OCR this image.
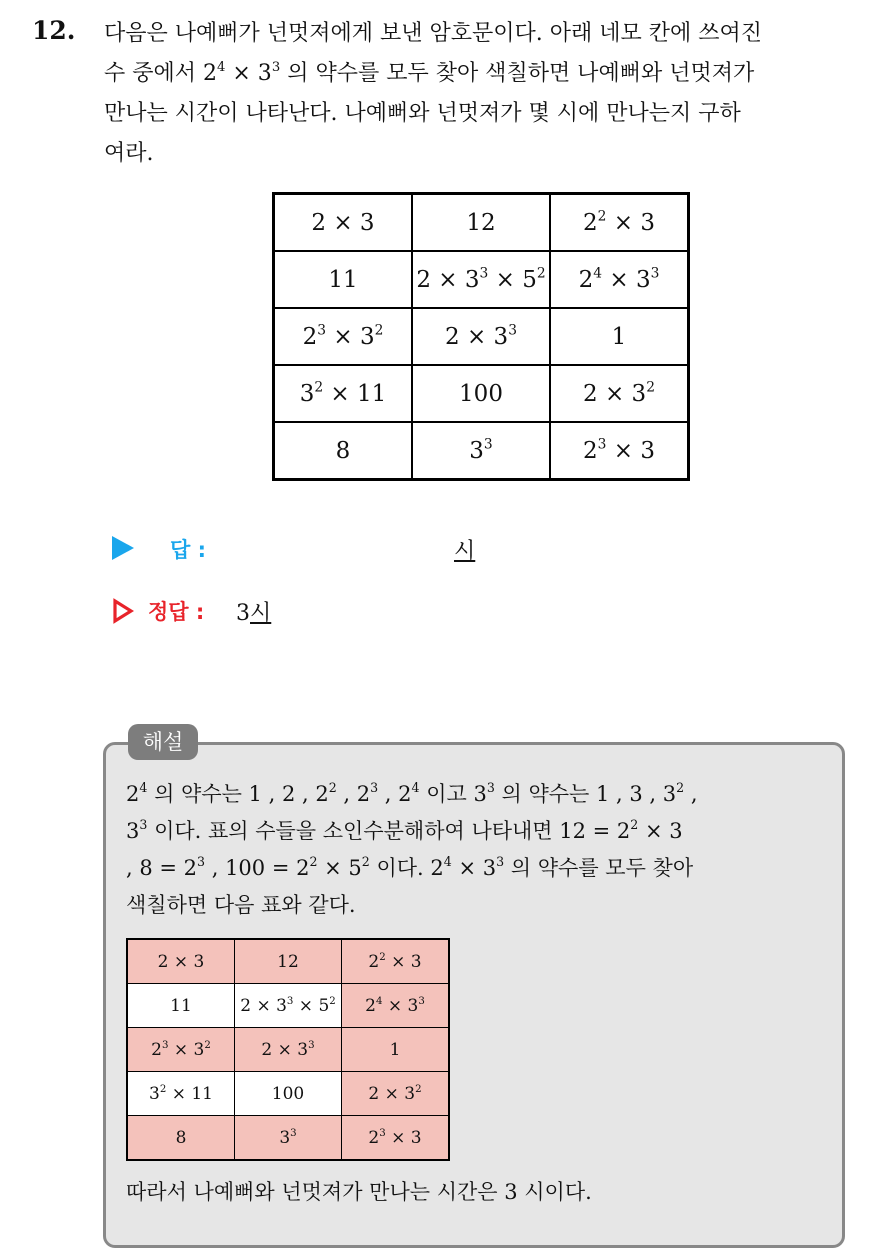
12. 다음은 나예뻐가 넌멋져에게 보낸 암호문이다. 아래 네모 칸에 쓰여진
수 중에서 $2^4 \times 3^3$ 의 약수를 모두 찾아 색칠하면 나예뻐와 넌멋져가
만나는 시간이 나타난다. 나예뻐와 넌멋져가 몇 시에 만나는지 구하
여라.
2 × 3	12	$2^2 \times 3$
11	$2 \times 3^3 \times 5^2$	$2^4 \times 3^3$
$2^3 \times 3^2$	$2 \times 3^3$	1
$3^2 \times 11$	100	$2 \times 3^2$
8	$3^3$	$2^3 \times 3$
답 :	시
정답 : 3시
해설
$2^4$ 의 약수는 1 , 2 , $2^2$ , $2^3$ , $2^4$ 이고 $3^3$ 의 약수는 1 , 3 , $3^2$ ,
$3^3$ 이다. 표의 수들을 소인수분해하여 나타내면 $12 = 2^2 \times 3$
, $8 = 2^3$ , $100 = 2^2 \times 5^2$ 이다. $2^4 \times 3^3$ 의 약수를 모두 찾아
색칠하면 다음 표와 같다.
2 × 3	12	$2^2 \times 3$
11	$2 \times 3^3 \times 5^2$	$2^4 \times 3^3$
$2^3 \times 3^2$	$2 \times 3^3$	1
$3^2 \times 11$	100	$2 \times 3^2$
8	$3^3$	$2^3 \times 3$
따라서 나예뻐와 넌멋져가 만나는 시간은 3 시이다.
